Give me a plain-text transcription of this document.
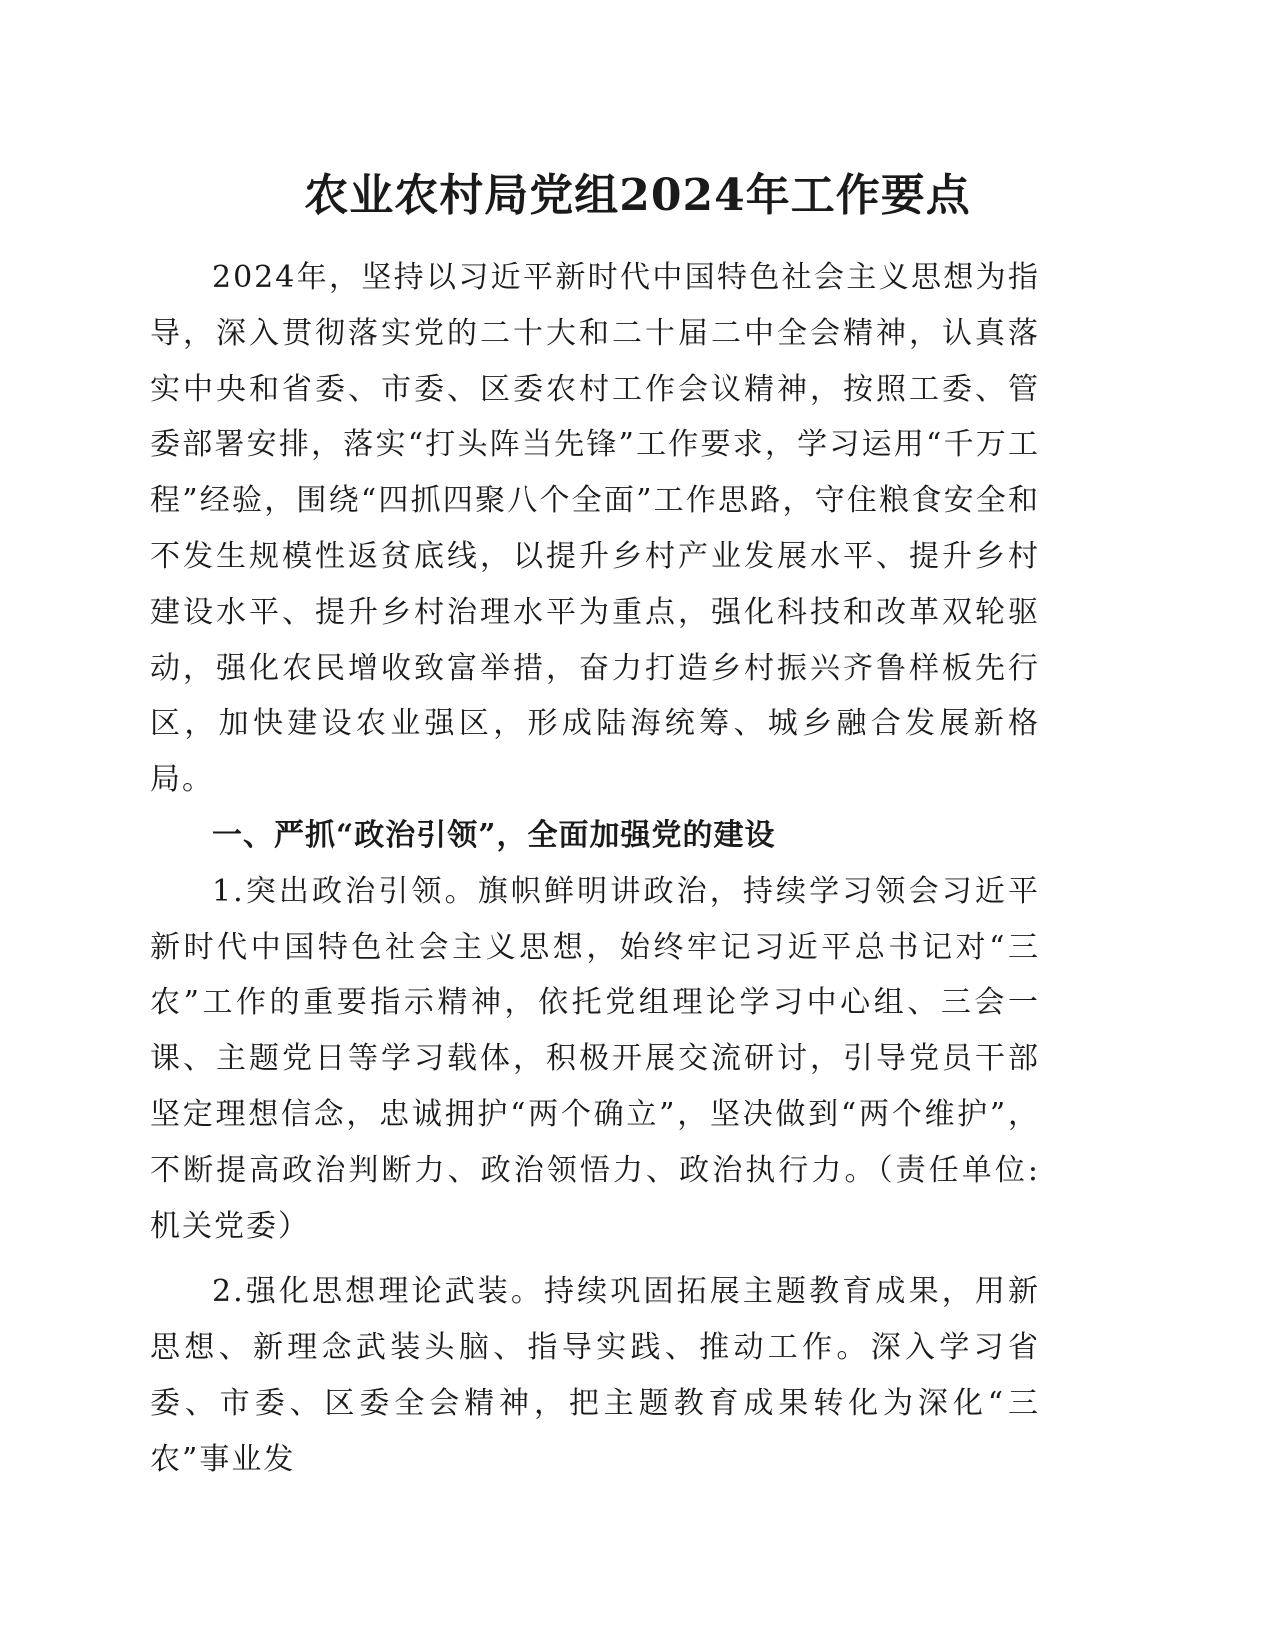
农业农村局党组2024年工作要点

2024年，坚持以习近平新时代中国特色社会主义思想为指导，深入贯彻落实党的二十大和二十届二中全会精神，认真落实中央和省委、市委、区委农村工作会议精神，按照工委、管委部署安排，落实“打头阵当先锋”工作要求，学习运用“千万工程”经验，围绕“四抓四聚八个全面”工作思路，守住粮食安全和不发生规模性返贫底线，以提升乡村产业发展水平、提升乡村建设水平、提升乡村治理水平为重点，强化科技和改革双轮驱动，强化农民增收致富举措，奋力打造乡村振兴齐鲁样板先行区，加快建设农业强区，形成陆海统筹、城乡融合发展新格局。

一、严抓“政治引领”，全面加强党的建设

1.突出政治引领。旗帜鲜明讲政治，持续学习领会习近平新时代中国特色社会主义思想，始终牢记习近平总书记对“三农”工作的重要指示精神，依托党组理论学习中心组、三会一课、主题党日等学习载体，积极开展交流研讨，引导党员干部坚定理想信念，忠诚拥护“两个确立”，坚决做到“两个维护”，不断提高政治判断力、政治领悟力、政治执行力。（责任单位:机关党委）

2.强化思想理论武装。持续巩固拓展主题教育成果，用新思想、新理念武装头脑、指导实践、推动工作。深入学习省委、市委、区委全会精神，把主题教育成果转化为深化“三农”事业发
